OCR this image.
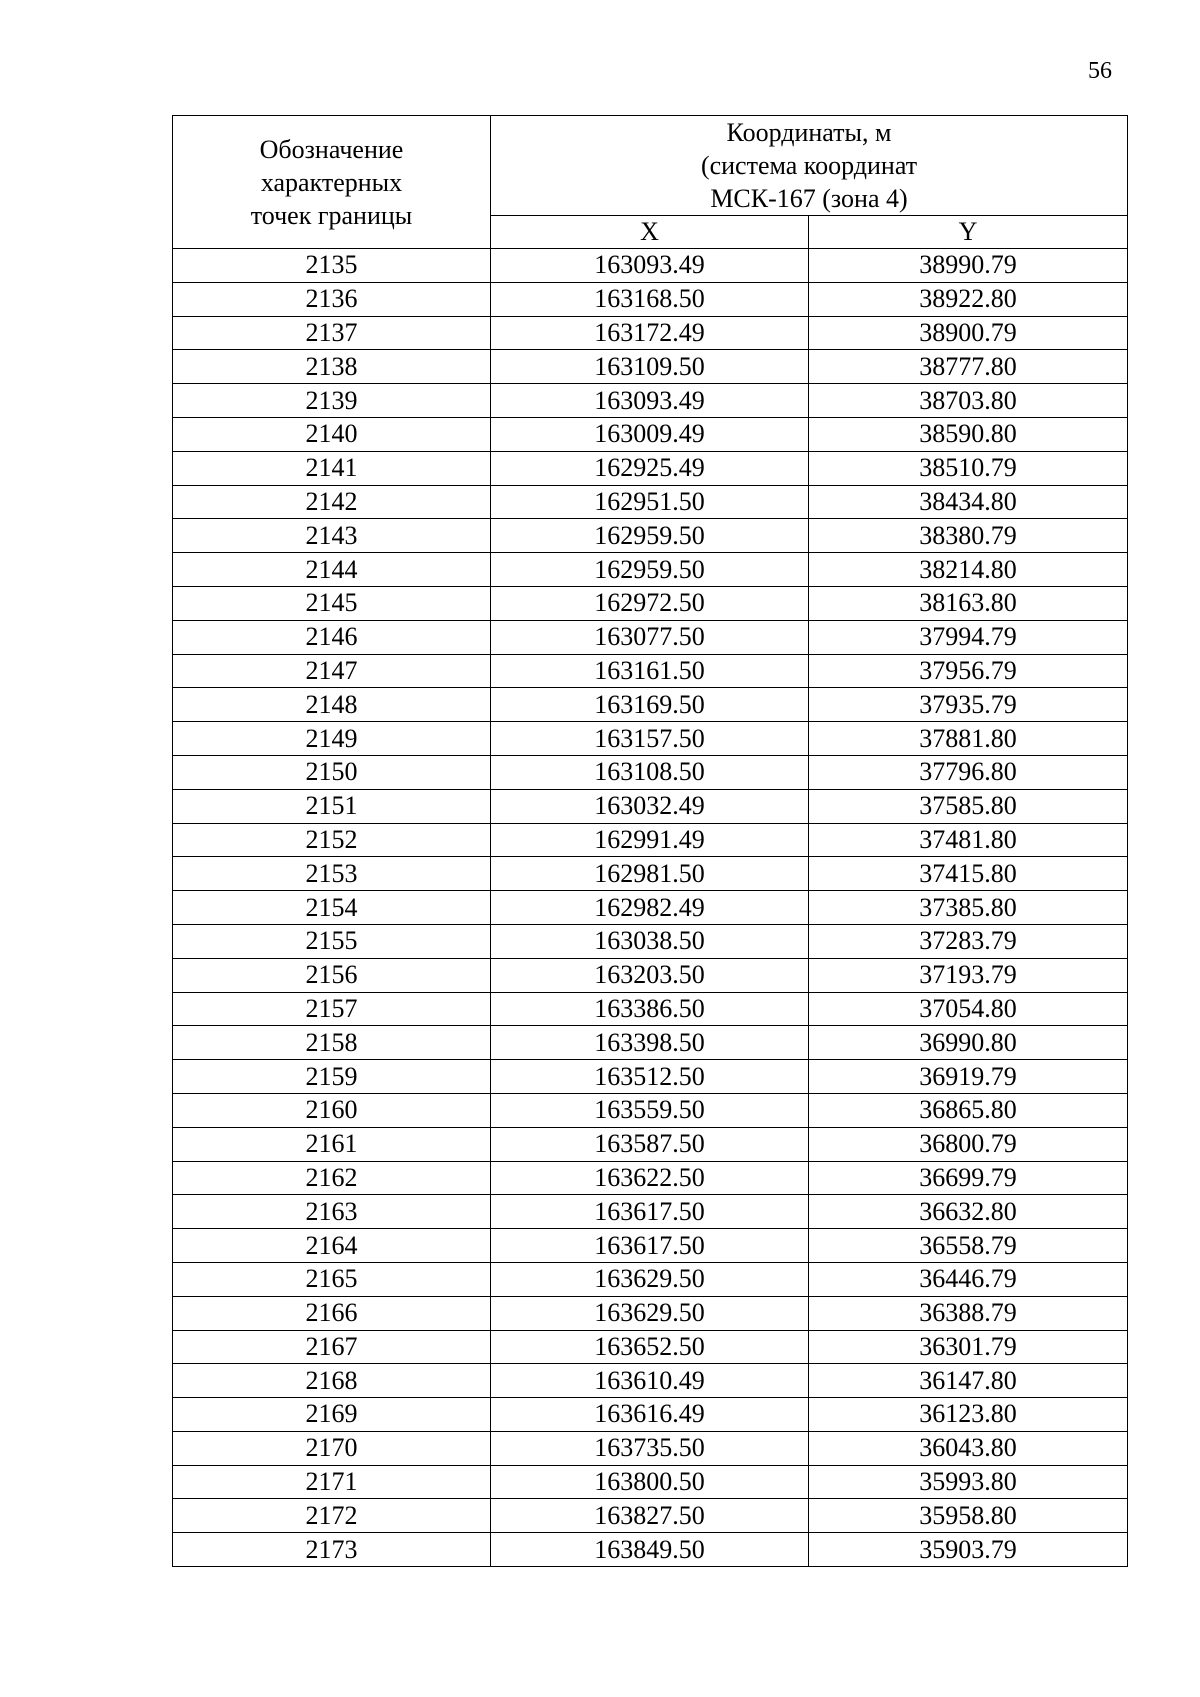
56
Обозначение
характерных
точек границы	Координаты, м
(система координат
МСК-167 (зона 4)	
	X	Y
2135	163093.49	38990.79
2136	163168.50	38922.80
2137	163172.49	38900.79
2138	163109.50	38777.80
2139	163093.49	38703.80
2140	163009.49	38590.80
2141	162925.49	38510.79
2142	162951.50	38434.80
2143	162959.50	38380.79
2144	162959.50	38214.80
2145	162972.50	38163.80
2146	163077.50	37994.79
2147	163161.50	37956.79
2148	163169.50	37935.79
2149	163157.50	37881.80
2150	163108.50	37796.80
2151	163032.49	37585.80
2152	162991.49	37481.80
2153	162981.50	37415.80
2154	162982.49	37385.80
2155	163038.50	37283.79
2156	163203.50	37193.79
2157	163386.50	37054.80
2158	163398.50	36990.80
2159	163512.50	36919.79
2160	163559.50	36865.80
2161	163587.50	36800.79
2162	163622.50	36699.79
2163	163617.50	36632.80
2164	163617.50	36558.79
2165	163629.50	36446.79
2166	163629.50	36388.79
2167	163652.50	36301.79
2168	163610.49	36147.80
2169	163616.49	36123.80
2170	163735.50	36043.80
2171	163800.50	35993.80
2172	163827.50	35958.80
2173	163849.50	35903.79
